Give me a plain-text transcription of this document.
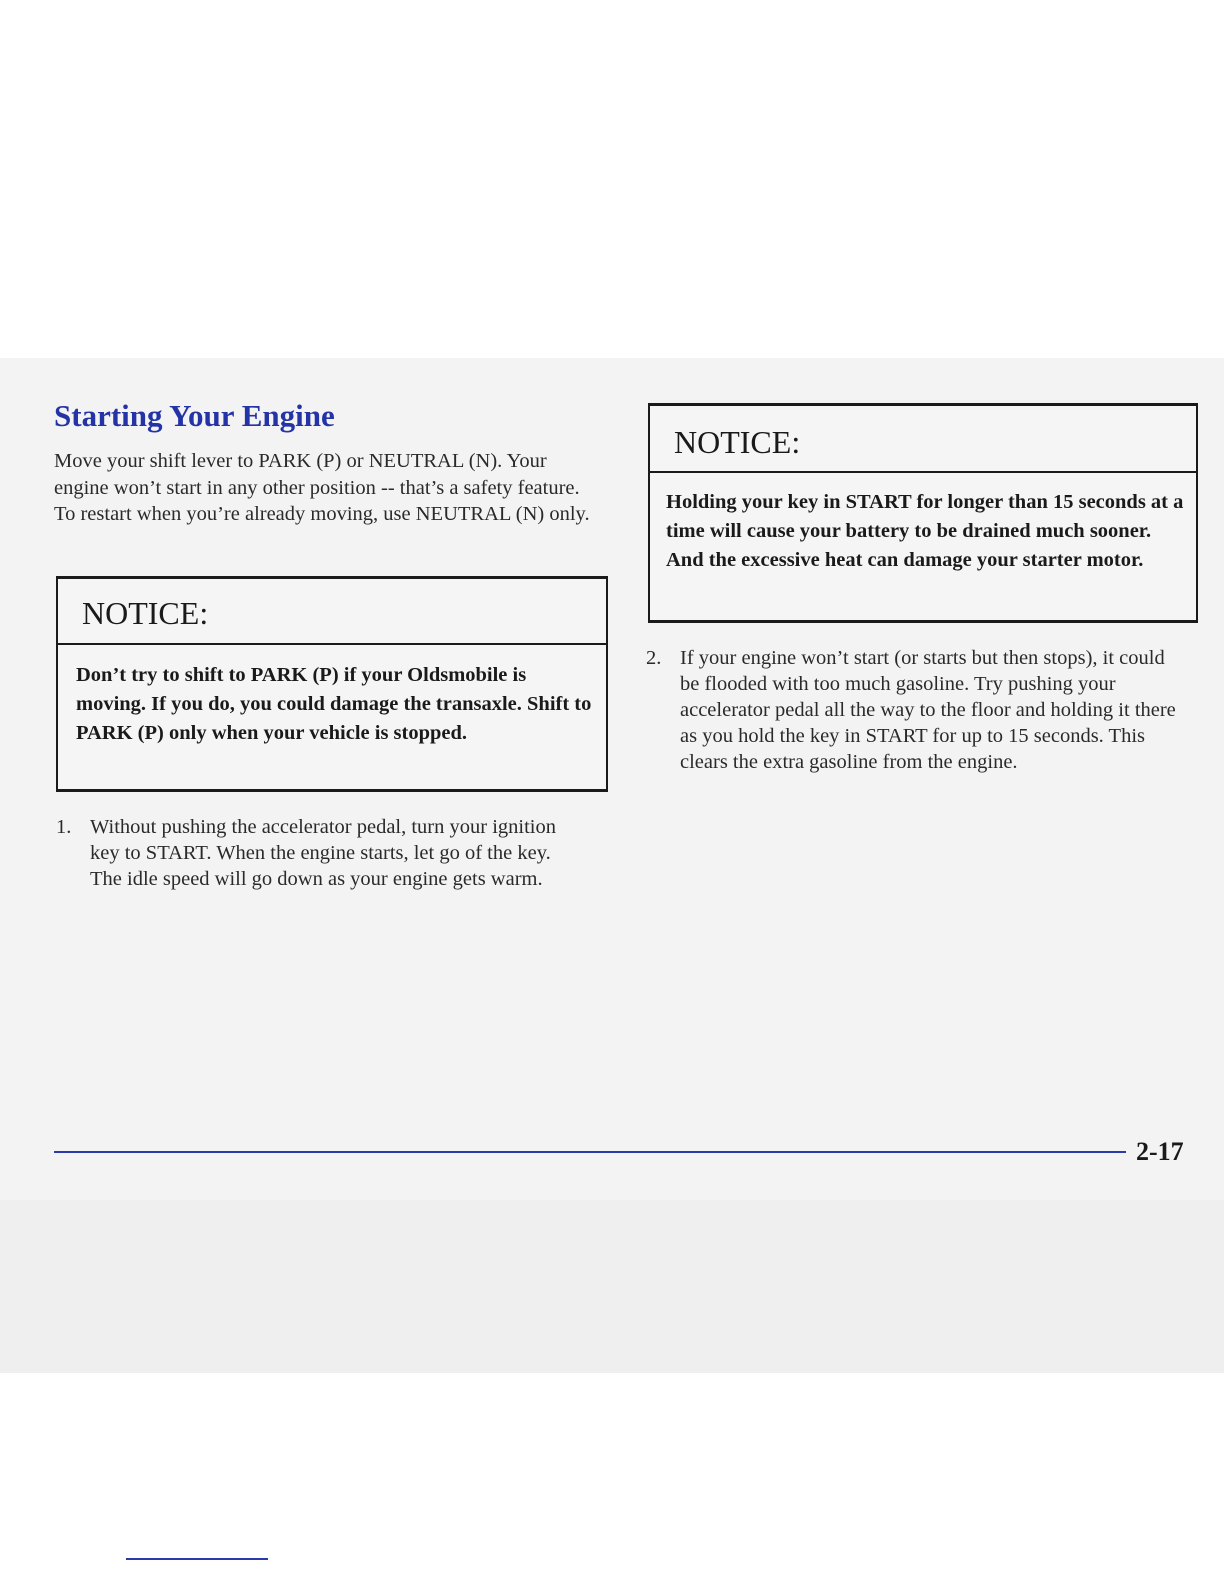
Starting Your Engine

Move your shift lever to PARK (P) or NEUTRAL (N). Your engine won’t start in any other position -- that’s a safety feature. To restart when you’re already moving, use NEUTRAL (N) only.

NOTICE:
Don’t try to shift to PARK (P) if your Oldsmobile is moving. If you do, you could damage the transaxle. Shift to PARK (P) only when your vehicle is stopped.
1. Without pushing the accelerator pedal, turn your ignition key to START. When the engine starts, let go of the key. The idle speed will go down as your engine gets warm.
NOTICE:
Holding your key in START for longer than 15 seconds at a time will cause your battery to be drained much sooner. And the excessive heat can damage your starter motor.
2. If your engine won’t start (or starts but then stops), it could be flooded with too much gasoline. Try pushing your accelerator pedal all the way to the floor and holding it there as you hold the key in START for up to 15 seconds. This clears the extra gasoline from the engine.
2-17
